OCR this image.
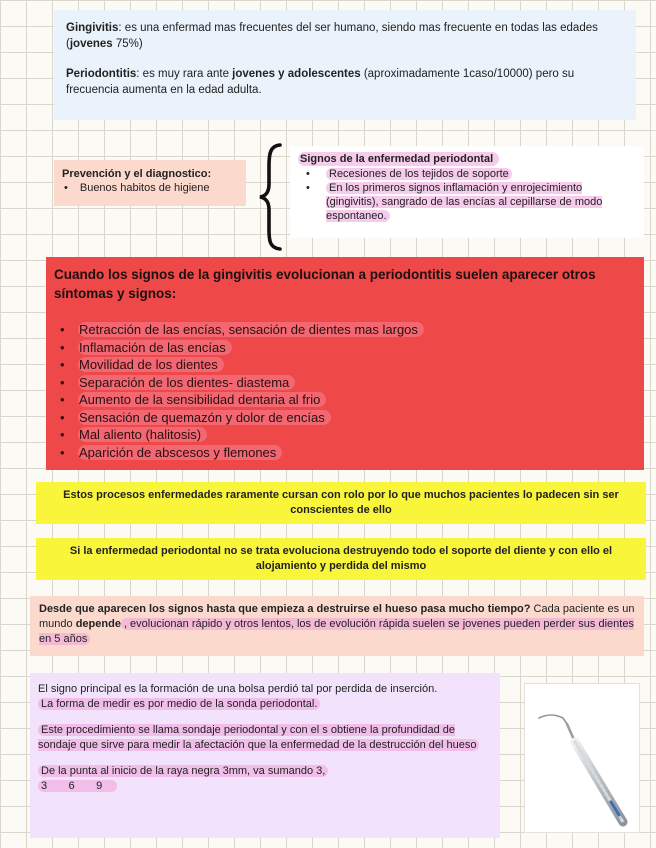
Gingivitis: es una enfermad mas frecuentes del ser humano, siendo mas frecuente en todas las edades (jovenes 75%)

Periodontitis: es muy rara ante jovenes y adolescentes (aproximadamente 1caso/10000) pero su frecuencia aumenta en la edad adulta.

Prevención y el diagnostico:
• Buenos habitos de higiene
Signos de la enfermedad periodontal
• Recesiones de los tejidos de soporte
• En los primeros signos inflamación y enrojecimiento (gingivitis), sangrado de las encías al cepillarse de modo espontaneo.
Cuando los signos de la gingivitis evolucionan a periodontitis suelen aparecer otros síntomas y signos:
• Retracción de las encías, sensación de dientes mas largos
• Inflamación de las encías
• Movilidad de los dientes
• Separación de los dientes- diastema
• Aumento de la sensibilidad dentaria al frio
• Sensación de quemazón y dolor de encías
• Mal aliento (halitosis)
• Aparición de abscesos y flemones
Estos procesos enfermedades raramente cursan con rolo por lo que muchos pacientes lo padecen sin ser conscientes de ello
Si la enfermedad periodontal no se trata evoluciona destruyendo todo el soporte del diente y con ello el alojamiento y perdida del mismo
Desde que aparecen los signos hasta que empieza a destruirse el hueso pasa mucho tiempo? Cada paciente es un mundo depende , evolucionan rápido y otros lentos, los de evolución rápida suelen se jovenes pueden perder sus dientes en 5 años

El signo principal es la formación de una bolsa perdió tal por perdida de inserción.
La forma de medir es por medio de la sonda periodontal.

Este procedimiento se llama sondaje periodontal y con el s obtiene la profundidad de sondaje que sirve para medir la afectación que la enfermedad de la destrucción del hueso

De la punta al inicio de la raya negra 3mm, va sumando 3,
3 6 9
